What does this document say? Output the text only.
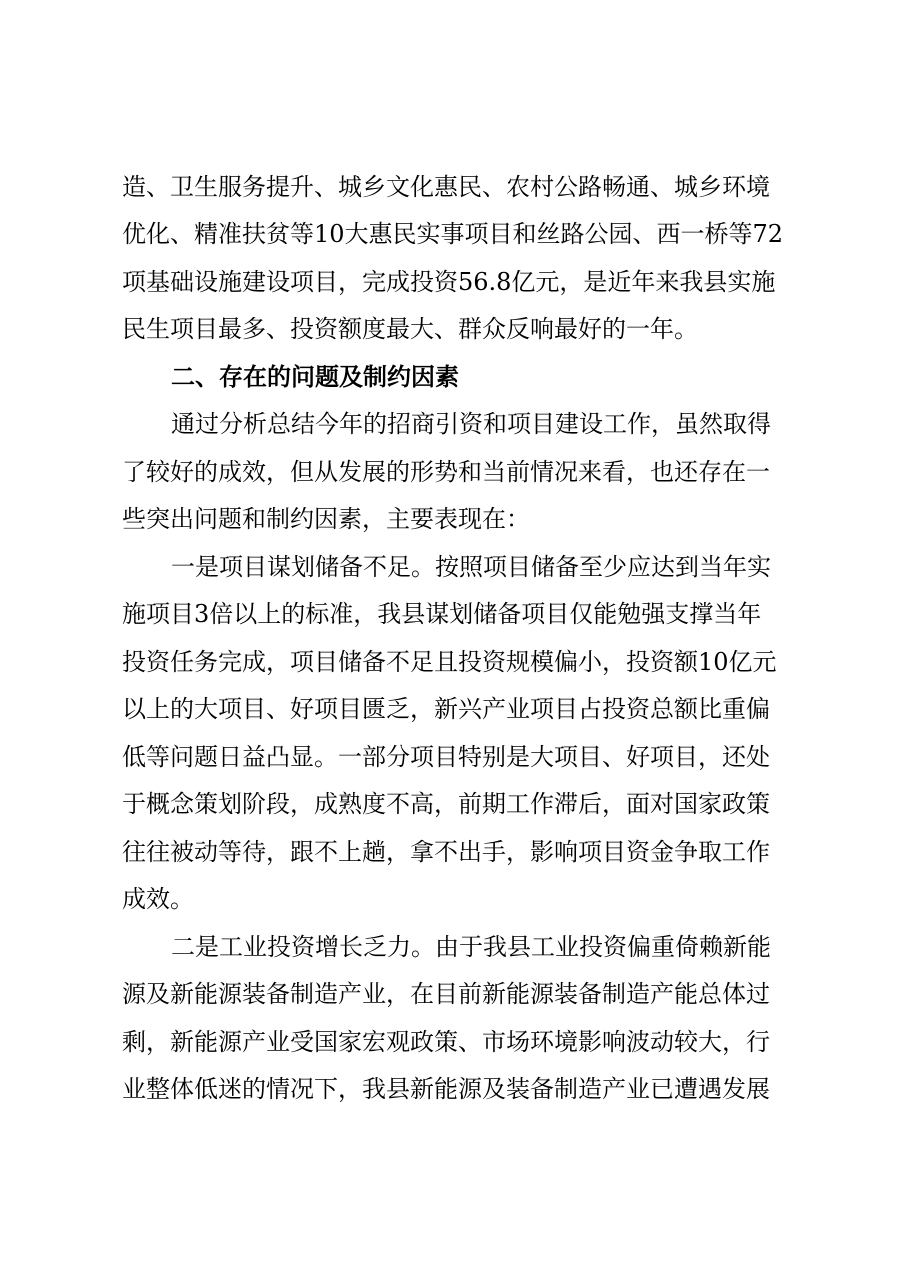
造、卫生服务提升、城乡文化惠民、农村公路畅通、城乡环境
优化、精准扶贫等10大惠民实事项目和丝路公园、西一桥等72
项基础设施建设项目，完成投资56.8亿元，是近年来我县实施
民生项目最多、投资额度最大、群众反响最好的一年。
二、存在的问题及制约因素
通过分析总结今年的招商引资和项目建设工作，虽然取得
了较好的成效，但从发展的形势和当前情况来看，也还存在一
些突出问题和制约因素，主要表现在：
一是项目谋划储备不足。按照项目储备至少应达到当年实
施项目3倍以上的标准，我县谋划储备项目仅能勉强支撑当年
投资任务完成，项目储备不足且投资规模偏小，投资额10亿元
以上的大项目、好项目匮乏，新兴产业项目占投资总额比重偏
低等问题日益凸显。一部分项目特别是大项目、好项目，还处
于概念策划阶段，成熟度不高，前期工作滞后，面对国家政策
往往被动等待，跟不上趟，拿不出手，影响项目资金争取工作
成效。
二是工业投资增长乏力。由于我县工业投资偏重倚赖新能
源及新能源装备制造产业，在目前新能源装备制造产能总体过
剩，新能源产业受国家宏观政策、市场环境影响波动较大，行
业整体低迷的情况下，我县新能源及装备制造产业已遭遇发展
